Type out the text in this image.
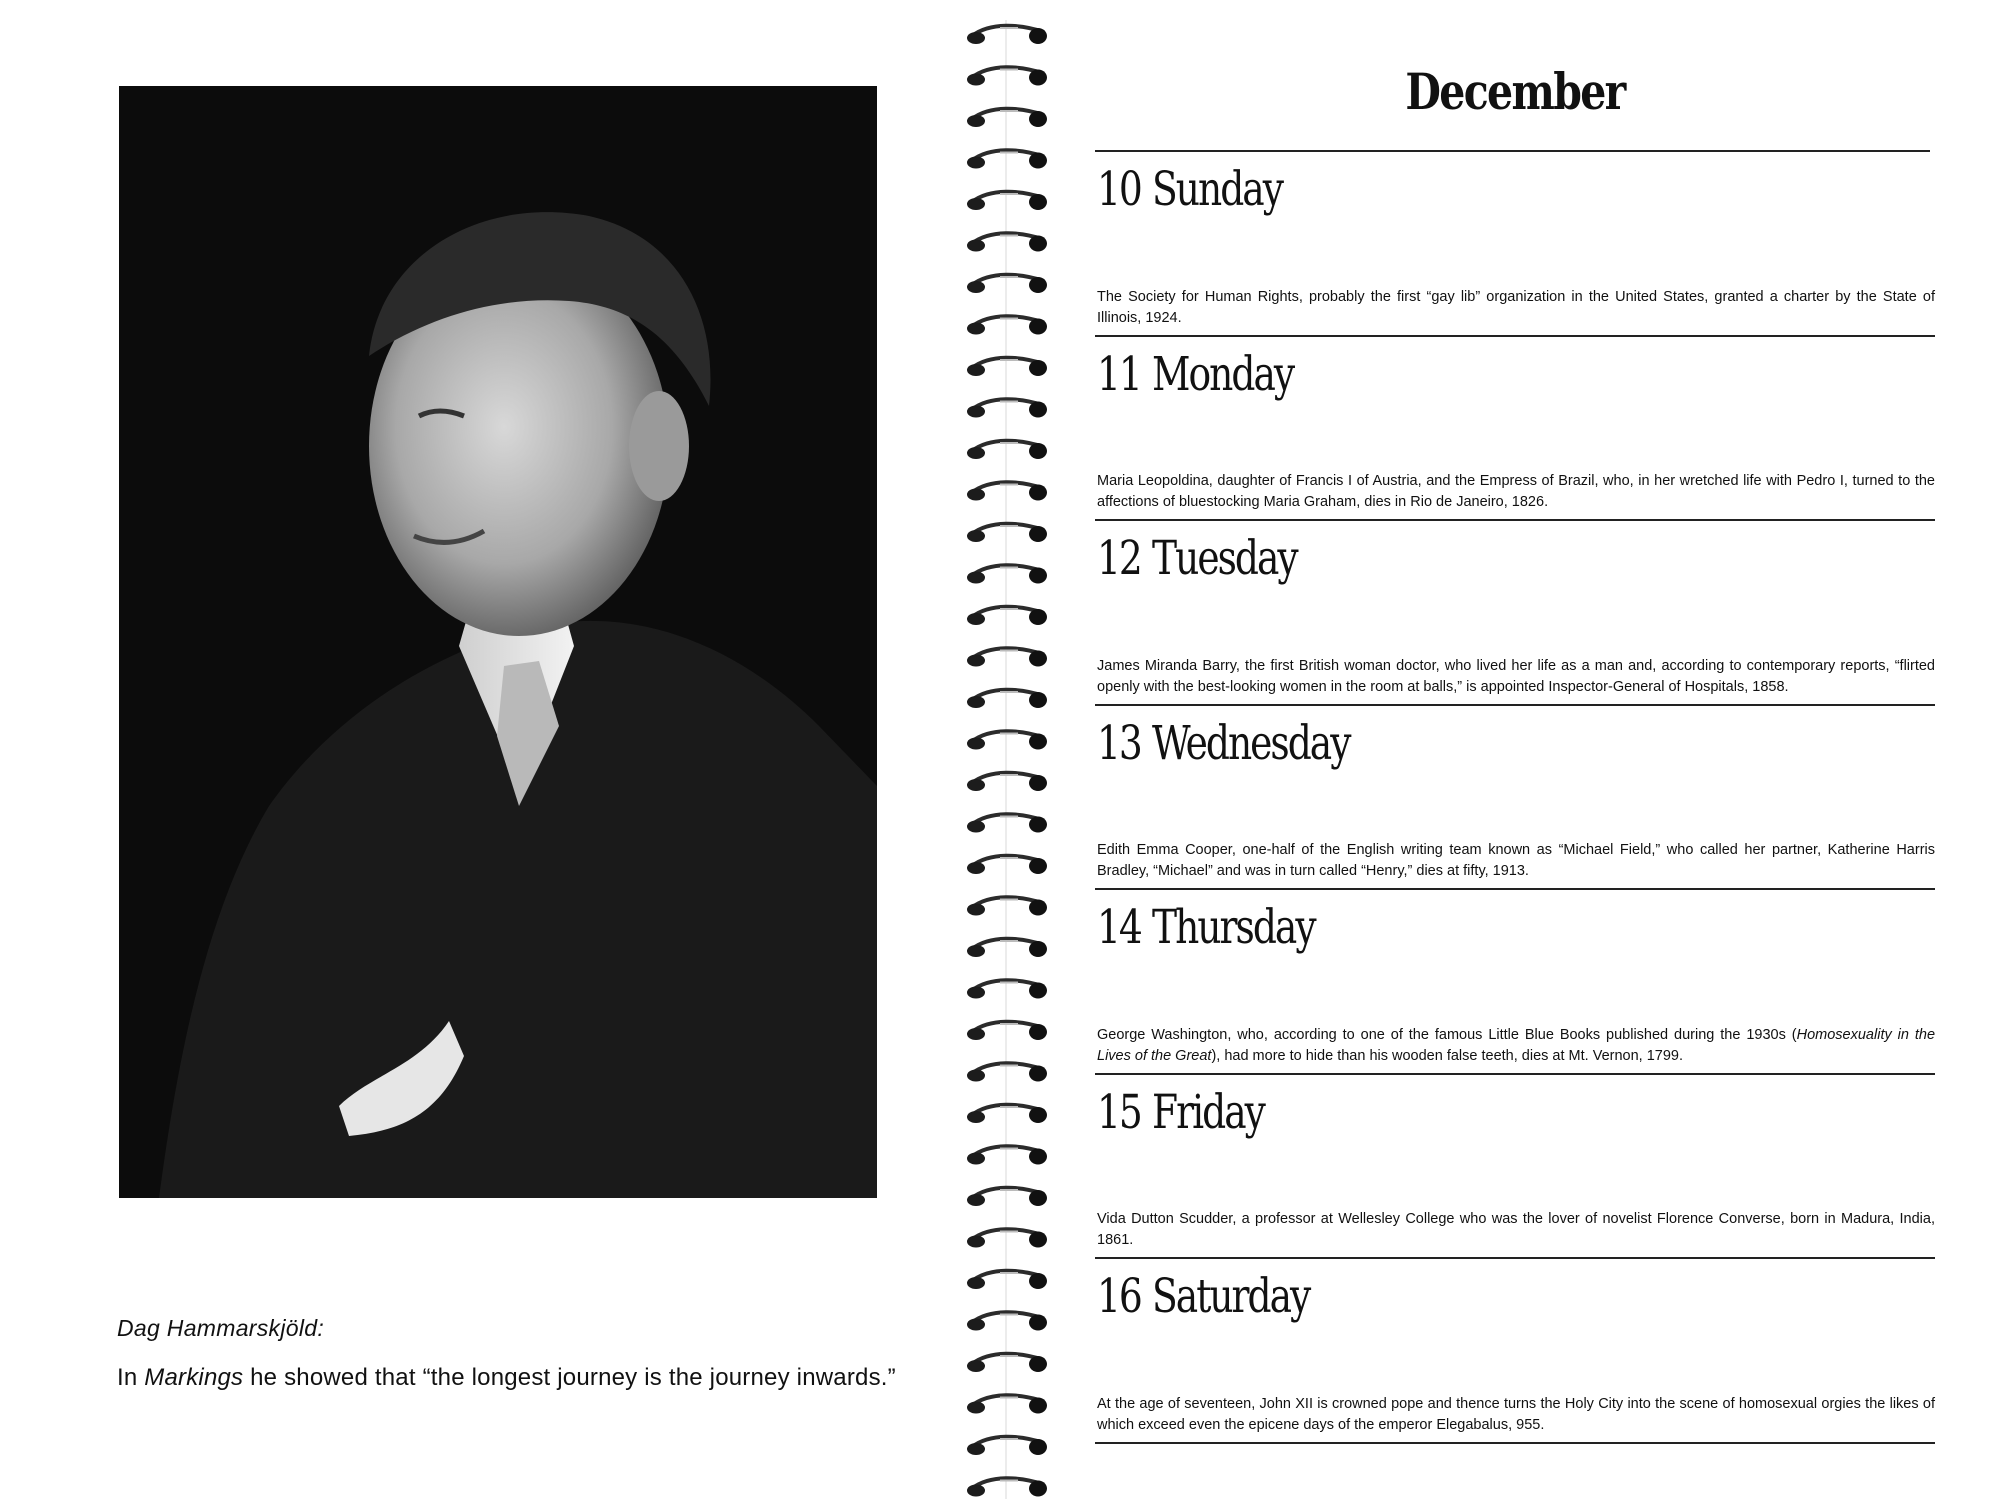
Dag Hammarskjöld:

In Markings he showed that “the longest journey is the journey inwards.”

December
10 Sunday

The Society for Human Rights, probably the first “gay lib” organization in the United States, granted a charter by the State of Illinois, 1924.

11 Monday

Maria Leopoldina, daughter of Francis I of Austria, and the Empress of Brazil, who, in her wretched life with Pedro I, turned to the affections of bluestocking Maria Graham, dies in Rio de Janeiro, 1826.

12 Tuesday

James Miranda Barry, the first British woman doctor, who lived her life as a man and, according to contemporary reports, “flirted openly with the best-looking women in the room at balls,” is appointed Inspector-General of Hospitals, 1858.

13 Wednesday

Edith Emma Cooper, one-half of the English writing team known as “Michael Field,” who called her partner, Katherine Harris Bradley, “Michael” and was in turn called “Henry,” dies at fifty, 1913.

14 Thursday

George Washington, who, according to one of the famous Little Blue Books published during the 1930s (Homosexuality in the Lives of the Great), had more to hide than his wooden false teeth, dies at Mt. Vernon, 1799.

15 Friday

Vida Dutton Scudder, a professor at Wellesley College who was the lover of novelist Florence Converse, born in Madura, India, 1861.

16 Saturday

At the age of seventeen, John XII is crowned pope and thence turns the Holy City into the scene of homosexual orgies the likes of which exceed even the epicene days of the emperor Elegabalus, 955.
